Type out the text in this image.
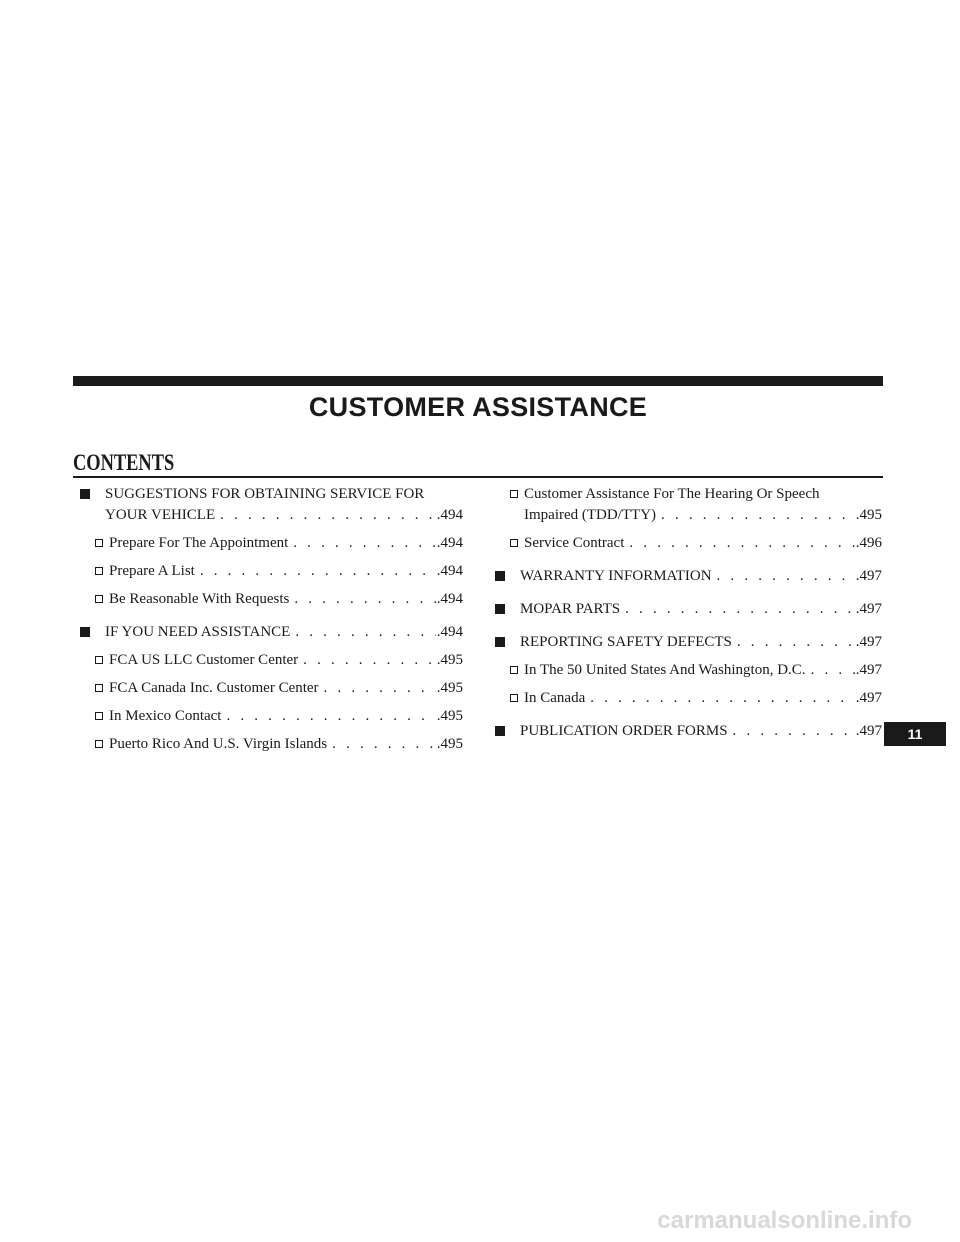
CUSTOMER ASSISTANCE
CONTENTS
SUGGESTIONS FOR OBTAINING SERVICE FOR
YOUR VEHICLE . . .	.494
Prepare For The Appointment . . .	.494
Prepare A List . . .	.494
Be Reasonable With Requests . . .	.494
IF YOU NEED ASSISTANCE . . .	.494
FCA US LLC Customer Center . . .	.495
FCA Canada Inc. Customer Center . . .	.495
In Mexico Contact . . .	.495
Puerto Rico And U.S. Virgin Islands . . .	.495
Customer Assistance For The Hearing Or Speech
Impaired (TDD/TTY) . . .	.495
Service Contract . . .	.496
WARRANTY INFORMATION . . .	.497
MOPAR PARTS . . .	.497
REPORTING SAFETY DEFECTS . . .	.497
In The 50 United States And Washington, D.C. . . .	.497
In Canada . . .	.497
PUBLICATION ORDER FORMS . . .	.497	11
carmanualsonline.info
